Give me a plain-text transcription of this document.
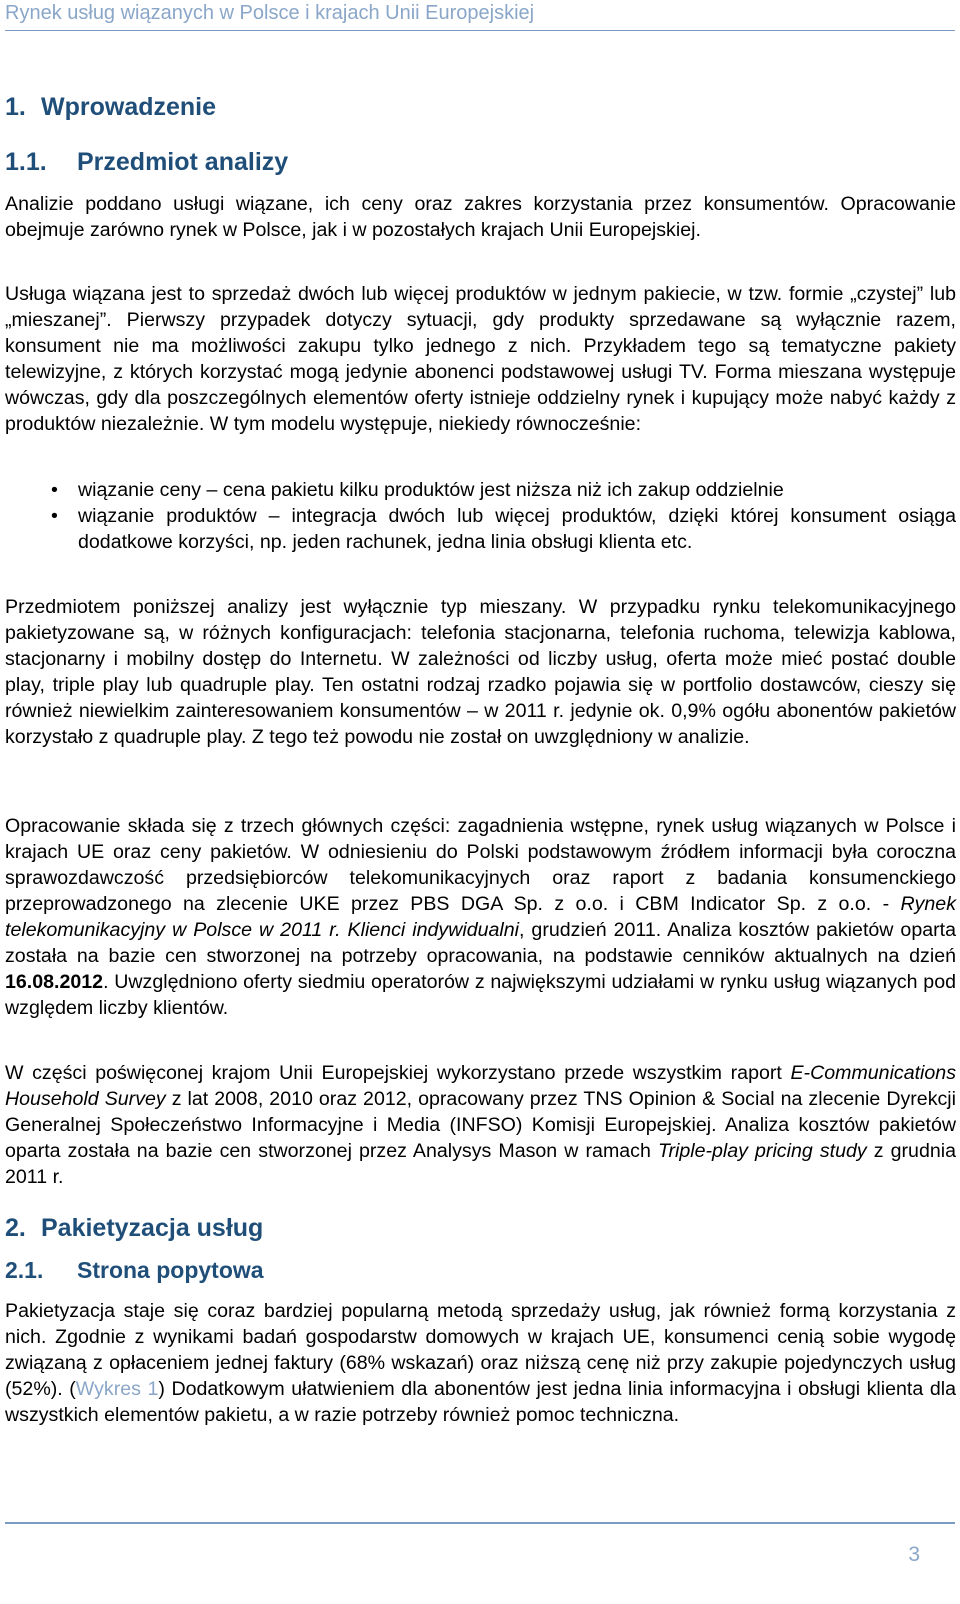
Rynek usług wiązanych w Polsce i krajach Unii Europejskiej
1. Wprowadzenie
1.1. Przedmiot analizy

Analizie poddano usługi wiązane, ich ceny oraz zakres korzystania przez konsumentów. Opracowanie obejmuje zarówno rynek w Polsce, jak i w pozostałych krajach Unii Europejskiej.

Usługa wiązana jest to sprzedaż dwóch lub więcej produktów w jednym pakiecie, w tzw. formie „czystej” lub „mieszanej”. Pierwszy przypadek dotyczy sytuacji, gdy produkty sprzedawane są wyłącznie razem, konsument nie ma możliwości zakupu tylko jednego z nich. Przykładem tego są tematyczne pakiety telewizyjne, z których korzystać mogą jedynie abonenci podstawowej usługi TV. Forma mieszana występuje wówczas, gdy dla poszczególnych elementów oferty istnieje oddzielny rynek i kupujący może nabyć każdy z produktów niezależnie. W tym modelu występuje, niekiedy równocześnie:

• wiązanie ceny – cena pakietu kilku produktów jest niższa niż ich zakup oddzielnie
• wiązanie produktów – integracja dwóch lub więcej produktów, dzięki której konsument osiąga dodatkowe korzyści, np. jeden rachunek, jedna linia obsługi klienta etc.

Przedmiotem poniższej analizy jest wyłącznie typ mieszany. W przypadku rynku telekomunikacyjnego pakietyzowane są, w różnych konfiguracjach: telefonia stacjonarna, telefonia ruchoma, telewizja kablowa, stacjonarny i mobilny dostęp do Internetu. W zależności od liczby usług, oferta może mieć postać double play, triple play lub quadruple play. Ten ostatni rodzaj rzadko pojawia się w portfolio dostawców, cieszy się również niewielkim zainteresowaniem konsumentów – w 2011 r. jedynie ok. 0,9% ogółu abonentów pakietów korzystało z quadruple play. Z tego też powodu nie został on uwzględniony w analizie.

Opracowanie składa się z trzech głównych części: zagadnienia wstępne, rynek usług wiązanych w Polsce i krajach UE oraz ceny pakietów. W odniesieniu do Polski podstawowym źródłem informacji była coroczna sprawozdawczość przedsiębiorców telekomunikacyjnych oraz raport z badania konsumenckiego przeprowadzonego na zlecenie UKE przez PBS DGA Sp. z o.o. i CBM Indicator Sp. z o.o. - Rynek telekomunikacyjny w Polsce w 2011 r. Klienci indywidualni, grudzień 2011. Analiza kosztów pakietów oparta została na bazie cen stworzonej na potrzeby opracowania, na podstawie cenników aktualnych na dzień 16.08.2012. Uwzględniono oferty siedmiu operatorów z największymi udziałami w rynku usług wiązanych pod względem liczby klientów.

W części poświęconej krajom Unii Europejskiej wykorzystano przede wszystkim raport E-Communications Household Survey z lat 2008, 2010 oraz 2012, opracowany przez TNS Opinion & Social na zlecenie Dyrekcji Generalnej Społeczeństwo Informacyjne i Media (INFSO) Komisji Europejskiej. Analiza kosztów pakietów oparta została na bazie cen stworzonej przez Analysys Mason w ramach Triple-play pricing study z grudnia 2011 r.

2. Pakietyzacja usług
2.1. Strona popytowa

Pakietyzacja staje się coraz bardziej popularną metodą sprzedaży usług, jak również formą korzystania z nich. Zgodnie z wynikami badań gospodarstw domowych w krajach UE, konsumenci cenią sobie wygodę związaną z opłaceniem jednej faktury (68% wskazań) oraz niższą cenę niż przy zakupie pojedynczych usług (52%). (Wykres 1) Dodatkowym ułatwieniem dla abonentów jest jedna linia informacyjna i obsługi klienta dla wszystkich elementów pakietu, a w razie potrzeby również pomoc techniczna.

3
